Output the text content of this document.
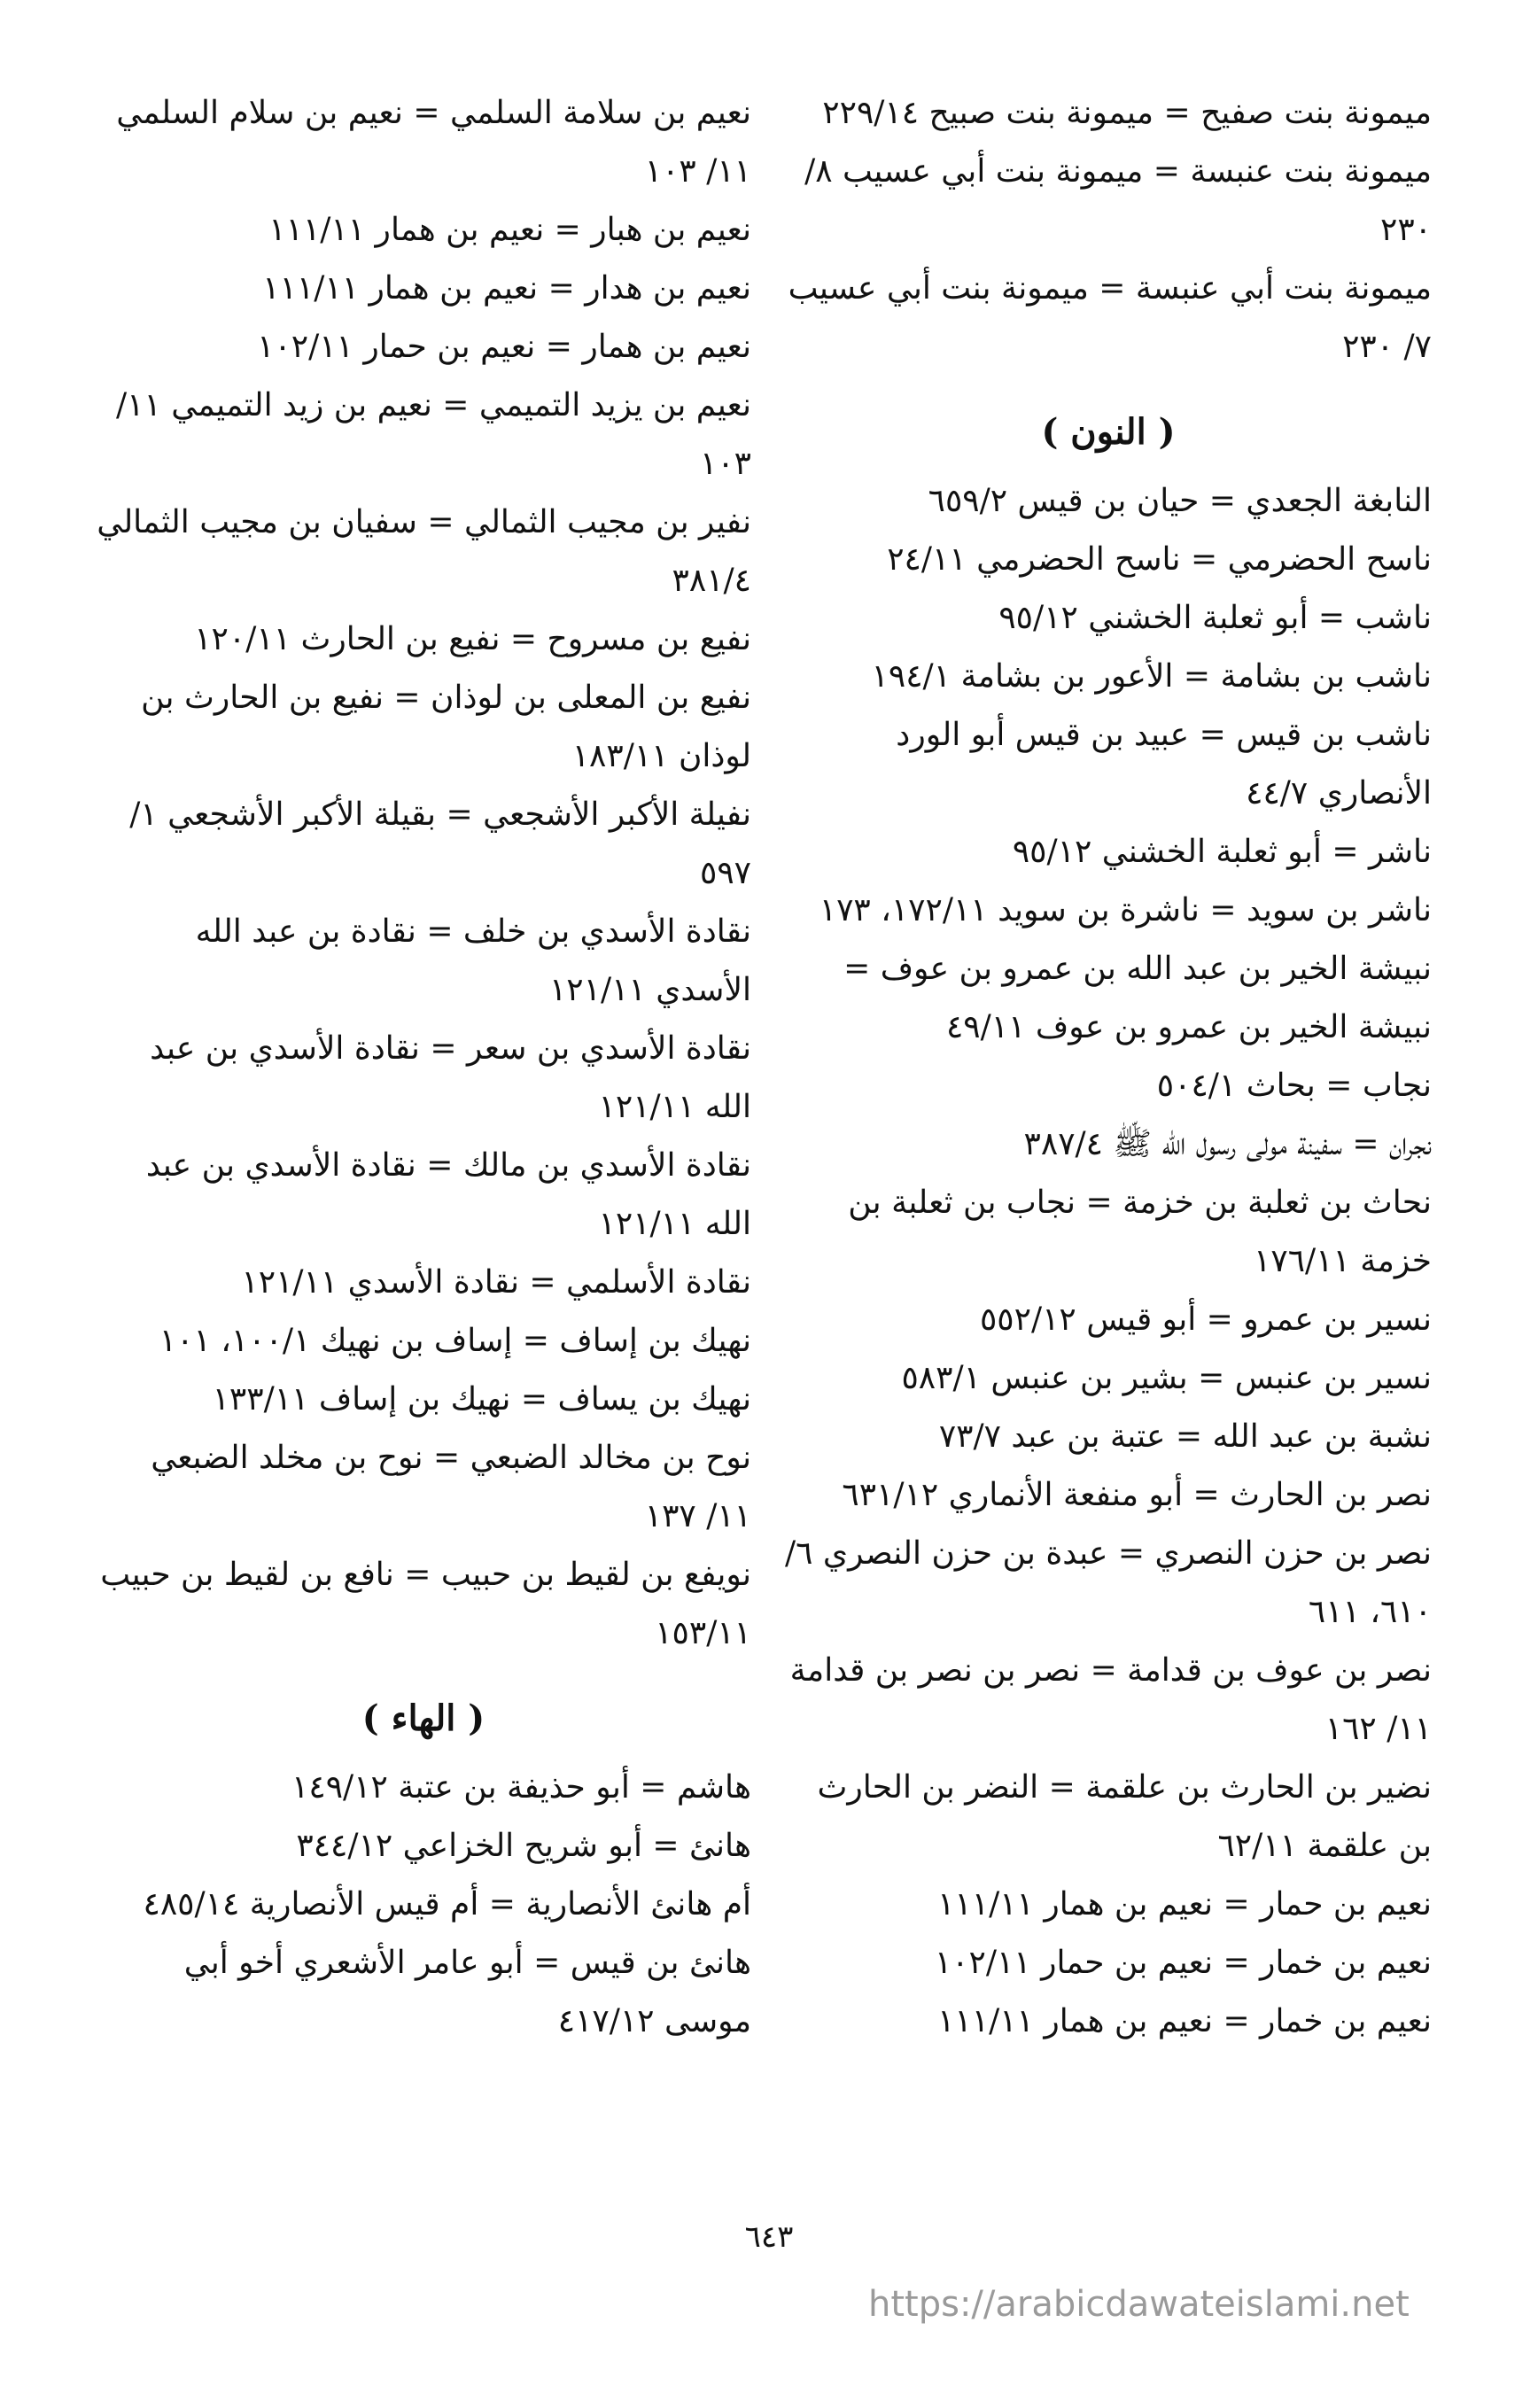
ميمونة بنت صفيح = ميمونة بنت صبيح ٢٢٩/١٤

ميمونة بنت عنبسة = ميمونة بنت أبي عسيب ٨/ ٢٣٠

ميمونة بنت أبي عنبسة = ميمونة بنت أبي عسيب ٧/ ٢٣٠

( النون )

النابغة الجعدي = حيان بن قيس ٦٥٩/٢

ناسح الحضرمي = ناسح الحضرمي ٢٤/١١

ناشب = أبو ثعلبة الخشني ٩٥/١٢

ناشب بن بشامة = الأعور بن بشامة ١٩٤/١

ناشب بن قيس = عبيد بن قيس أبو الورد الأنصاري ٤٤/٧

ناشر = أبو ثعلبة الخشني ٩٥/١٢

ناشر بن سويد = ناشرة بن سويد ١٧٢/١١، ١٧٣

نبيشة الخير بن عبد الله بن عمرو بن عوف = نبيشة الخير بن عمرو بن عوف ٤٩/١١

نجاب = بحاث ٥٠٤/١

نجران = سفينة مولى رسول الله ﷺ ٣٨٧/٤

نحاث بن ثعلبة بن خزمة = نجاب بن ثعلبة بن خزمة ١٧٦/١١

نسير بن عمرو = أبو قيس ٥٥٢/١٢

نسير بن عنبس = بشير بن عنبس ٥٨٣/١

نشبة بن عبد الله = عتبة بن عبد ٧٣/٧

نصر بن الحارث = أبو منفعة الأنماري ٦٣١/١٢

نصر بن حزن النصري = عبدة بن حزن النصري ٦/ ٦١٠، ٦١١

نصر بن عوف بن قدامة = نصر بن نصر بن قدامة ١١/ ١٦٢

نضير بن الحارث بن علقمة = النضر بن الحارث بن علقمة ٦٢/١١

نعيم بن حمار = نعيم بن همار ١١١/١١

نعيم بن خمار = نعيم بن حمار ١٠٢/١١

نعيم بن خمار = نعيم بن همار ١١١/١١

نعيم بن سلامة السلمي = نعيم بن سلام السلمي ١١/ ١٠٣

نعيم بن هبار = نعيم بن همار ١١١/١١

نعيم بن هدار = نعيم بن همار ١١١/١١

نعيم بن همار = نعيم بن حمار ١٠٢/١١

نعيم بن يزيد التميمي = نعيم بن زيد التميمي ١١/ ١٠٣

نفير بن مجيب الثمالي = سفيان بن مجيب الثمالي ٣٨١/٤

نفيع بن مسروح = نفيع بن الحارث ١٢٠/١١

نفيع بن المعلى بن لوذان = نفيع بن الحارث بن لوذان ١٨٣/١١

نفيلة الأكبر الأشجعي = بقيلة الأكبر الأشجعي ١/ ٥٩٧

نقادة الأسدي بن خلف = نقادة بن عبد الله الأسدي ١٢١/١١

نقادة الأسدي بن سعر = نقادة الأسدي بن عبد الله ١٢١/١١

نقادة الأسدي بن مالك = نقادة الأسدي بن عبد الله ١٢١/١١

نقادة الأسلمي = نقادة الأسدي ١٢١/١١

نهيك بن إساف = إساف بن نهيك ١٠٠/١، ١٠١

نهيك بن يساف = نهيك بن إساف ١٣٣/١١

نوح بن مخالد الضبعي = نوح بن مخلد الضبعي ١١/ ١٣٧

نويفع بن لقيط بن حبيب = نافع بن لقيط بن حبيب ١٥٣/١١

( الهاء )

هاشم = أبو حذيفة بن عتبة ١٤٩/١٢

هانئ = أبو شريح الخزاعي ٣٤٤/١٢

أم هانئ الأنصارية = أم قيس الأنصارية ٤٨٥/١٤

هانئ بن قيس = أبو عامر الأشعري أخو أبي موسى ٤١٧/١٢

٦٤٣
https://arabicdawateislami.net
